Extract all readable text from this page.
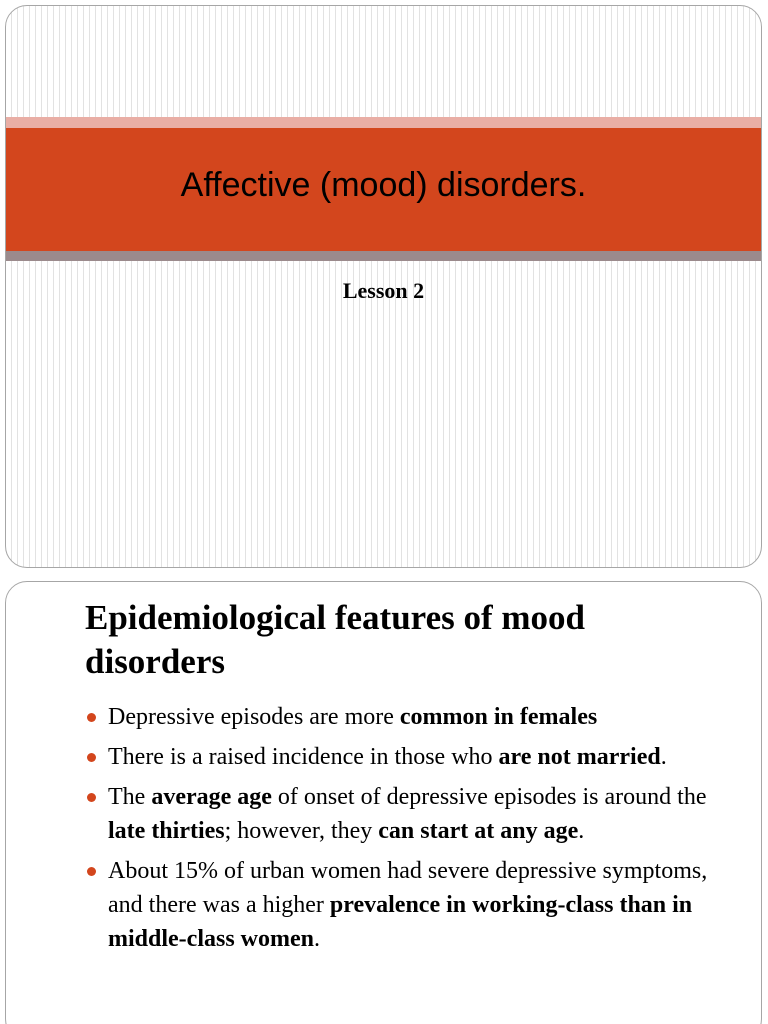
Affective (mood) disorders.
Lesson 2
Epidemiological features of mood disorders
Depressive episodes are more common in females
There is a raised incidence in those who are not married.
The average age of onset of depressive episodes is around the late thirties; however, they can start at any age.
About 15% of urban women had severe depressive symptoms, and there was a higher prevalence in working-class than in middle-class women.
